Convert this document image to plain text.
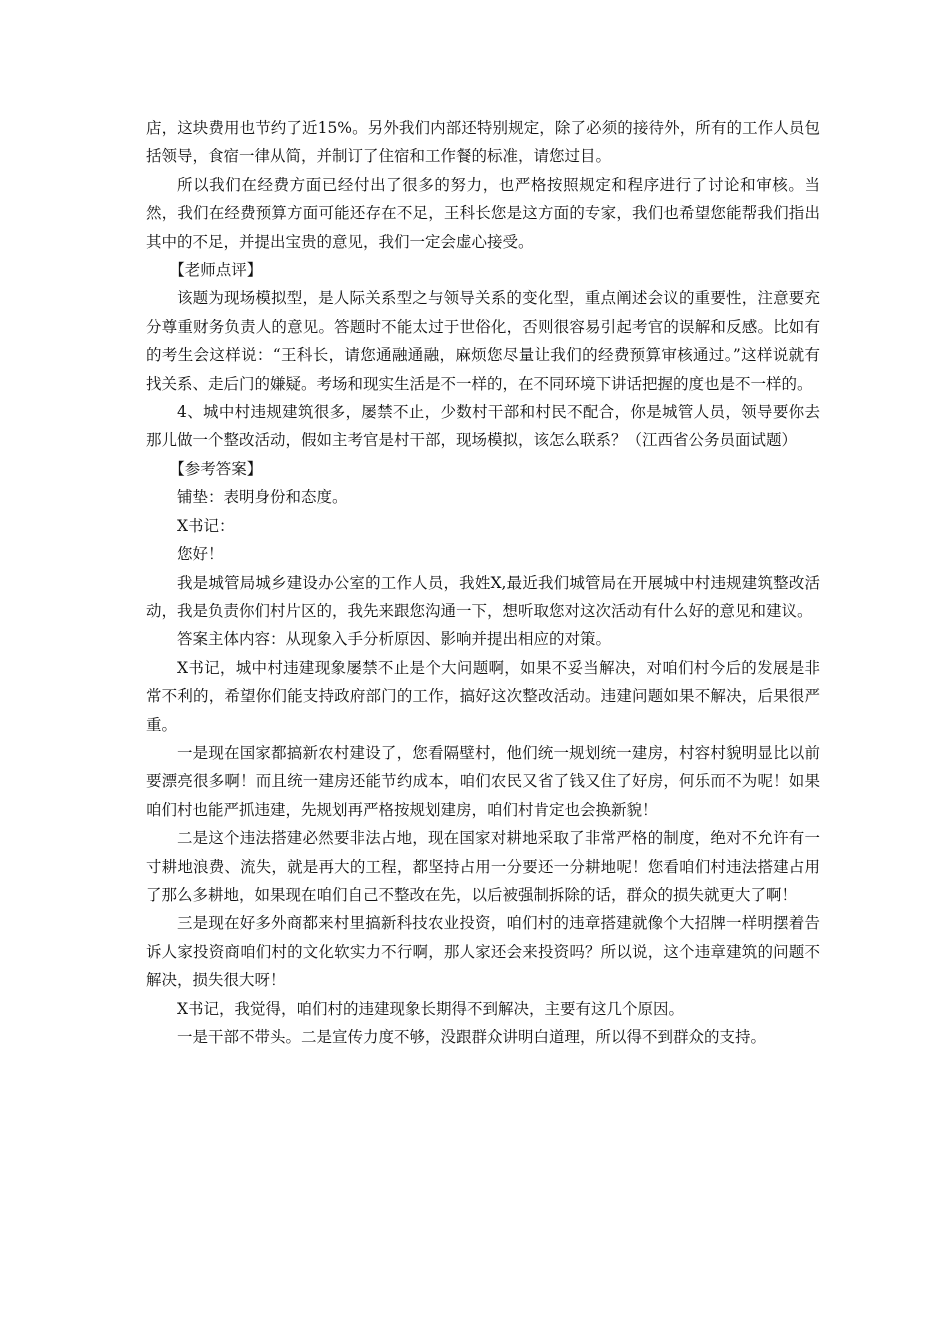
店，这块费用也节约了近15%。另外我们内部还特别规定，除了必须的接待外，所有的工作人员包括领导，食宿一律从简，并制订了住宿和工作餐的标准，请您过目。

所以我们在经费方面已经付出了很多的努力，也严格按照规定和程序进行了讨论和审核。当然，我们在经费预算方面可能还存在不足，王科长您是这方面的专家，我们也希望您能帮我们指出其中的不足，并提出宝贵的意见，我们一定会虚心接受。

【老师点评】

该题为现场模拟型，是人际关系型之与领导关系的变化型，重点阐述会议的重要性，注意要充分尊重财务负责人的意见。答题时不能太过于世俗化，否则很容易引起考官的误解和反感。比如有的考生会这样说：“王科长，请您通融通融，麻烦您尽量让我们的经费预算审核通过。”这样说就有找关系、走后门的嫌疑。考场和现实生活是不一样的，在不同环境下讲话把握的度也是不一样的。

4、城中村违规建筑很多，屡禁不止，少数村干部和村民不配合，你是城管人员，领导要你去那儿做一个整改活动，假如主考官是村干部，现场模拟，该怎么联系？（江西省公务员面试题）

【参考答案】

铺垫：表明身份和态度。

X书记：

您好！

我是城管局城乡建设办公室的工作人员，我姓X,最近我们城管局在开展城中村违规建筑整改活动，我是负责你们村片区的，我先来跟您沟通一下，想听取您对这次活动有什么好的意见和建议。

答案主体内容：从现象入手分析原因、影响并提出相应的对策。

X书记，城中村违建现象屡禁不止是个大问题啊，如果不妥当解决，对咱们村今后的发展是非常不利的，希望你们能支持政府部门的工作，搞好这次整改活动。违建问题如果不解决，后果很严重。

一是现在国家都搞新农村建设了，您看隔壁村，他们统一规划统一建房，村容村貌明显比以前要漂亮很多啊！而且统一建房还能节约成本，咱们农民又省了钱又住了好房，何乐而不为呢！如果咱们村也能严抓违建，先规划再严格按规划建房，咱们村肯定也会换新貌！

二是这个违法搭建必然要非法占地，现在国家对耕地采取了非常严格的制度，绝对不允许有一寸耕地浪费、流失，就是再大的工程，都坚持占用一分要还一分耕地呢！您看咱们村违法搭建占用了那么多耕地，如果现在咱们自己不整改在先，以后被强制拆除的话，群众的损失就更大了啊！

三是现在好多外商都来村里搞新科技农业投资，咱们村的违章搭建就像个大招牌一样明摆着告诉人家投资商咱们村的文化软实力不行啊，那人家还会来投资吗？所以说，这个违章建筑的问题不解决，损失很大呀！

X书记，我觉得，咱们村的违建现象长期得不到解决，主要有这几个原因。

一是干部不带头。二是宣传力度不够，没跟群众讲明白道理，所以得不到群众的支持。
